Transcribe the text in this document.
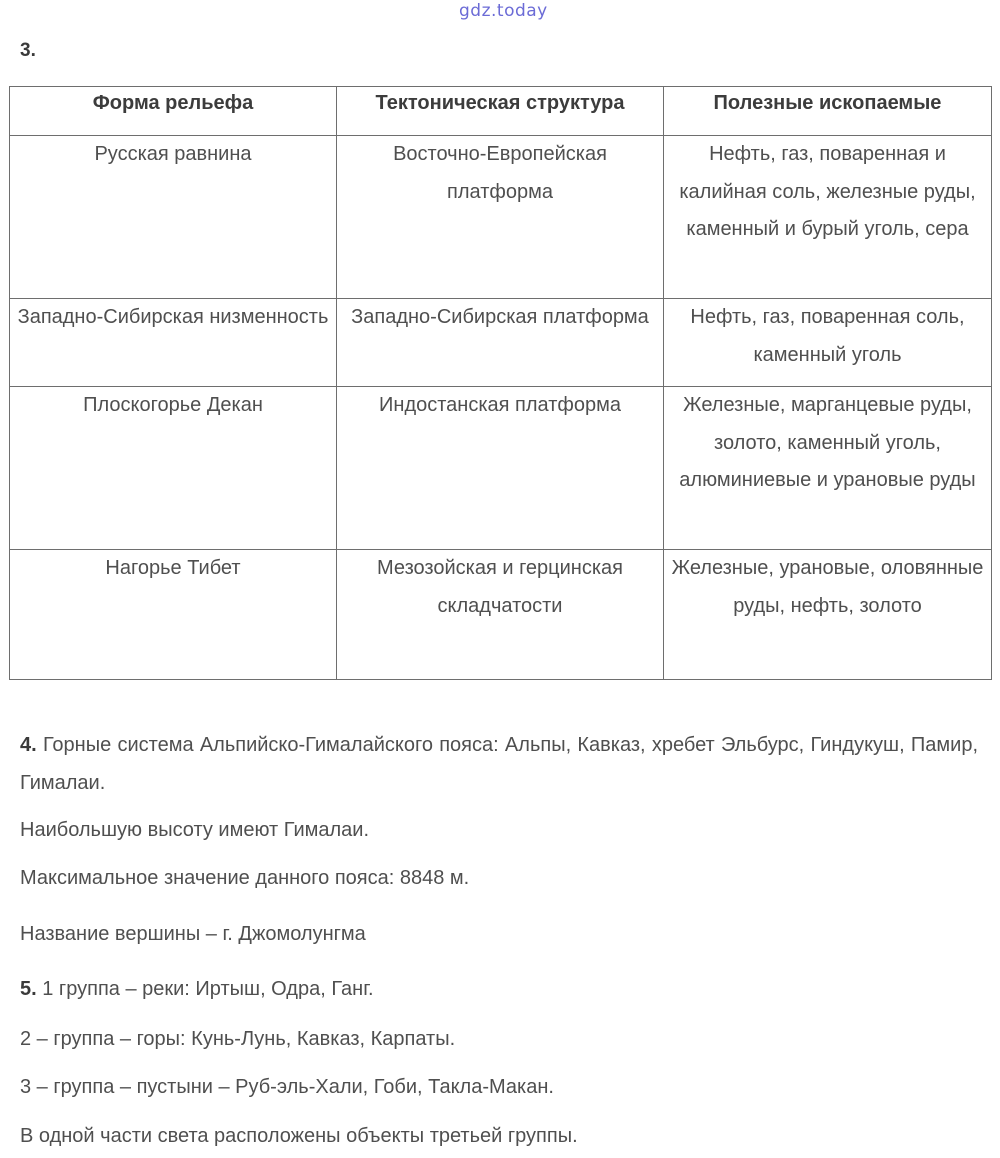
gdz.today
3.
Форма рельефа	Тектоническая структура	Полезные ископаемые
Русская равнина	Восточно-Европейская платформа	Нефть, газ, поваренная и калийная соль, железные руды, каменный и бурый уголь, сера
Западно-Сибирская низменность	Западно-Сибирская платформа	Нефть, газ, поваренная соль, каменный уголь
Плоскогорье Декан	Индостанская платформа	Железные, марганцевые руды, золото, каменный уголь, алюминиевые и урановые руды
Нагорье Тибет	Мезозойская и герцинская складчатости	Железные, урановые, оловянные руды, нефть, золото
4. Горные система Альпийско-Гималайского пояса: Альпы, Кавказ, хребет Эльбурс, Гиндукуш, Памир, Гималаи.
Наибольшую высоту имеют Гималаи.
Максимальное значение данного пояса: 8848 м.
Название вершины – г. Джомолунгма
5. 1 группа – реки: Иртыш, Одра, Ганг.
2 – группа – горы: Кунь-Лунь, Кавказ, Карпаты.
3 – группа – пустыни – Руб-эль-Хали, Гоби, Такла-Макан.
В одной части света расположены объекты третьей группы.
